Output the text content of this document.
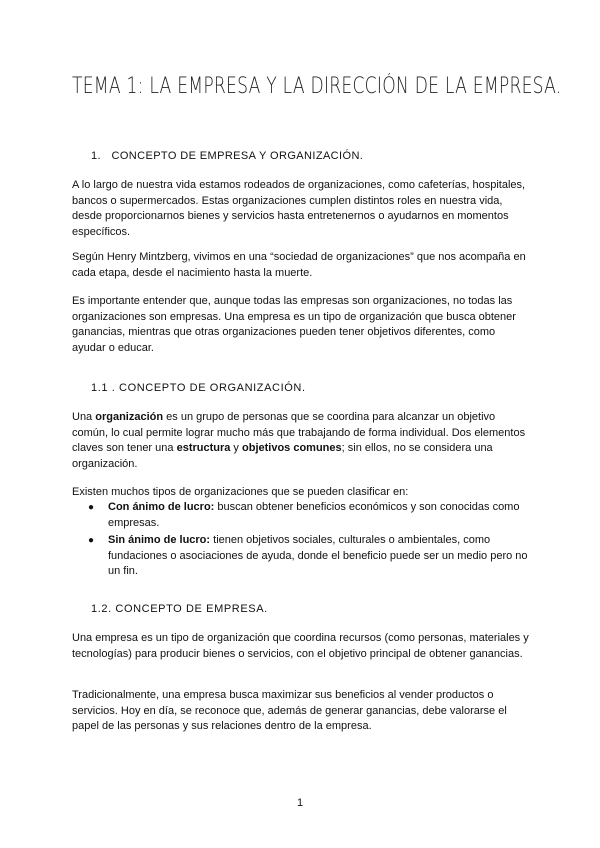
TEMA 1: LA EMPRESA Y LA DIRECCIÓN DE LA EMPRESA.
1. CONCEPTO DE EMPRESA Y ORGANIZACIÓN.
A lo largo de nuestra vida estamos rodeados de organizaciones, como cafeterías, hospitales, bancos o supermercados. Estas organizaciones cumplen distintos roles en nuestra vida, desde proporcionarnos bienes y servicios hasta entretenernos o ayudarnos en momentos específicos.
Según Henry Mintzberg, vivimos en una “sociedad de organizaciones” que nos acompaña en cada etapa, desde el nacimiento hasta la muerte.
Es importante entender que, aunque todas las empresas son organizaciones, no todas las organizaciones son empresas. Una empresa es un tipo de organización que busca obtener ganancias, mientras que otras organizaciones pueden tener objetivos diferentes, como ayudar o educar.
1.1 . CONCEPTO DE ORGANIZACIÓN.
Una organización es un grupo de personas que se coordina para alcanzar un objetivo común, lo cual permite lograr mucho más que trabajando de forma individual. Dos elementos claves son tener una estructura y objetivos comunes; sin ellos, no se considera una organización.
Existen muchos tipos de organizaciones que se pueden clasificar en:
● Con ánimo de lucro: buscan obtener beneficios económicos y son conocidas como empresas.
● Sin ánimo de lucro: tienen objetivos sociales, culturales o ambientales, como fundaciones o asociaciones de ayuda, donde el beneficio puede ser un medio pero no un fin.
1.2. CONCEPTO DE EMPRESA.
Una empresa es un tipo de organización que coordina recursos (como personas, materiales y tecnologías) para producir bienes o servicios, con el objetivo principal de obtener ganancias.
Tradicionalmente, una empresa busca maximizar sus beneficios al vender productos o servicios. Hoy en día, se reconoce que, además de generar ganancias, debe valorarse el papel de las personas y sus relaciones dentro de la empresa.
1
